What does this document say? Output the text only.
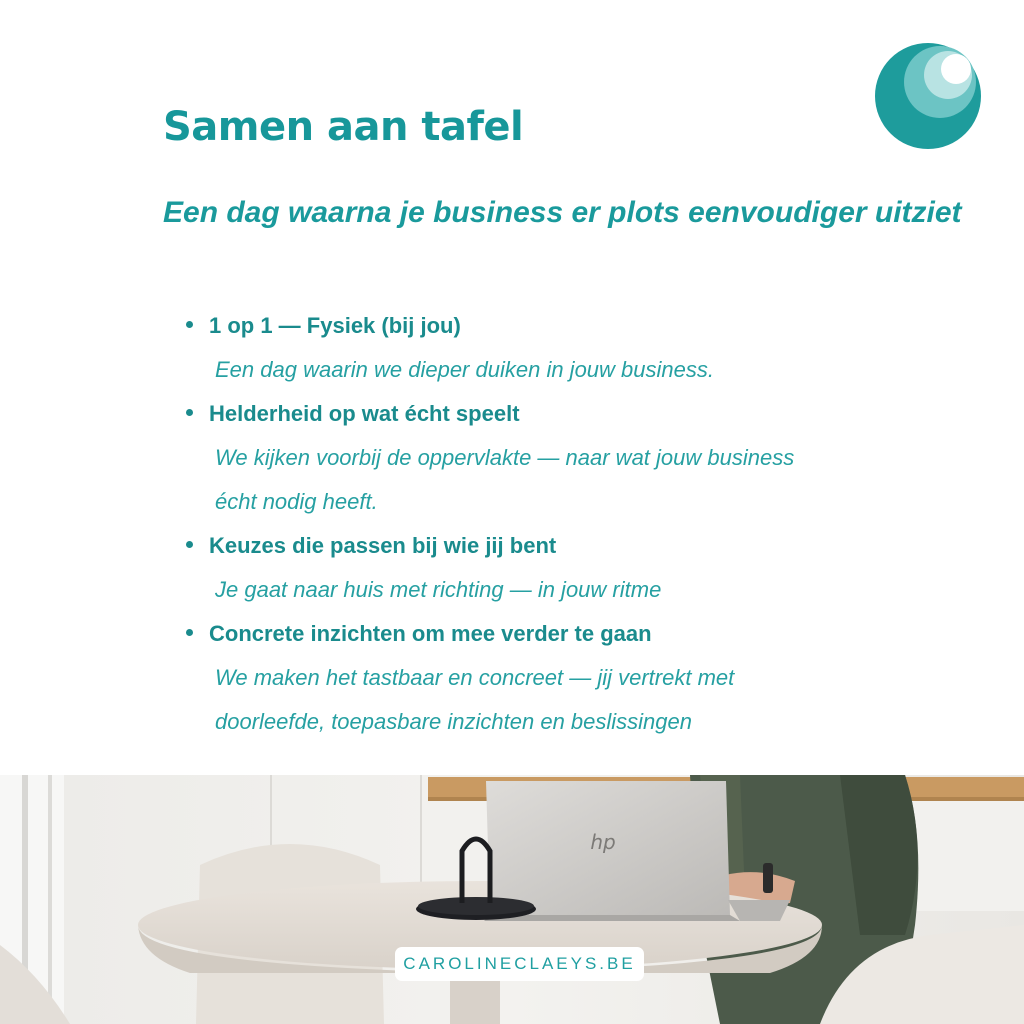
Samen aan tafel
Een dag waarna je business er plots eenvoudiger uitziet
1 op 1 — Fysiek (bij jou)
Een dag waarin we dieper duiken in jouw business.
Helderheid op wat écht speelt
We kijken voorbij de oppervlakte — naar wat jouw business écht nodig heeft.
Keuzes die passen bij wie jij bent
Je gaat naar huis met richting — in jouw ritme
Concrete inzichten om mee verder te gaan
We maken het tastbaar en concreet — jij vertrekt met doorleefde, toepasbare inzichten en beslissingen
hp
CAROLINECLAEYS.BE
